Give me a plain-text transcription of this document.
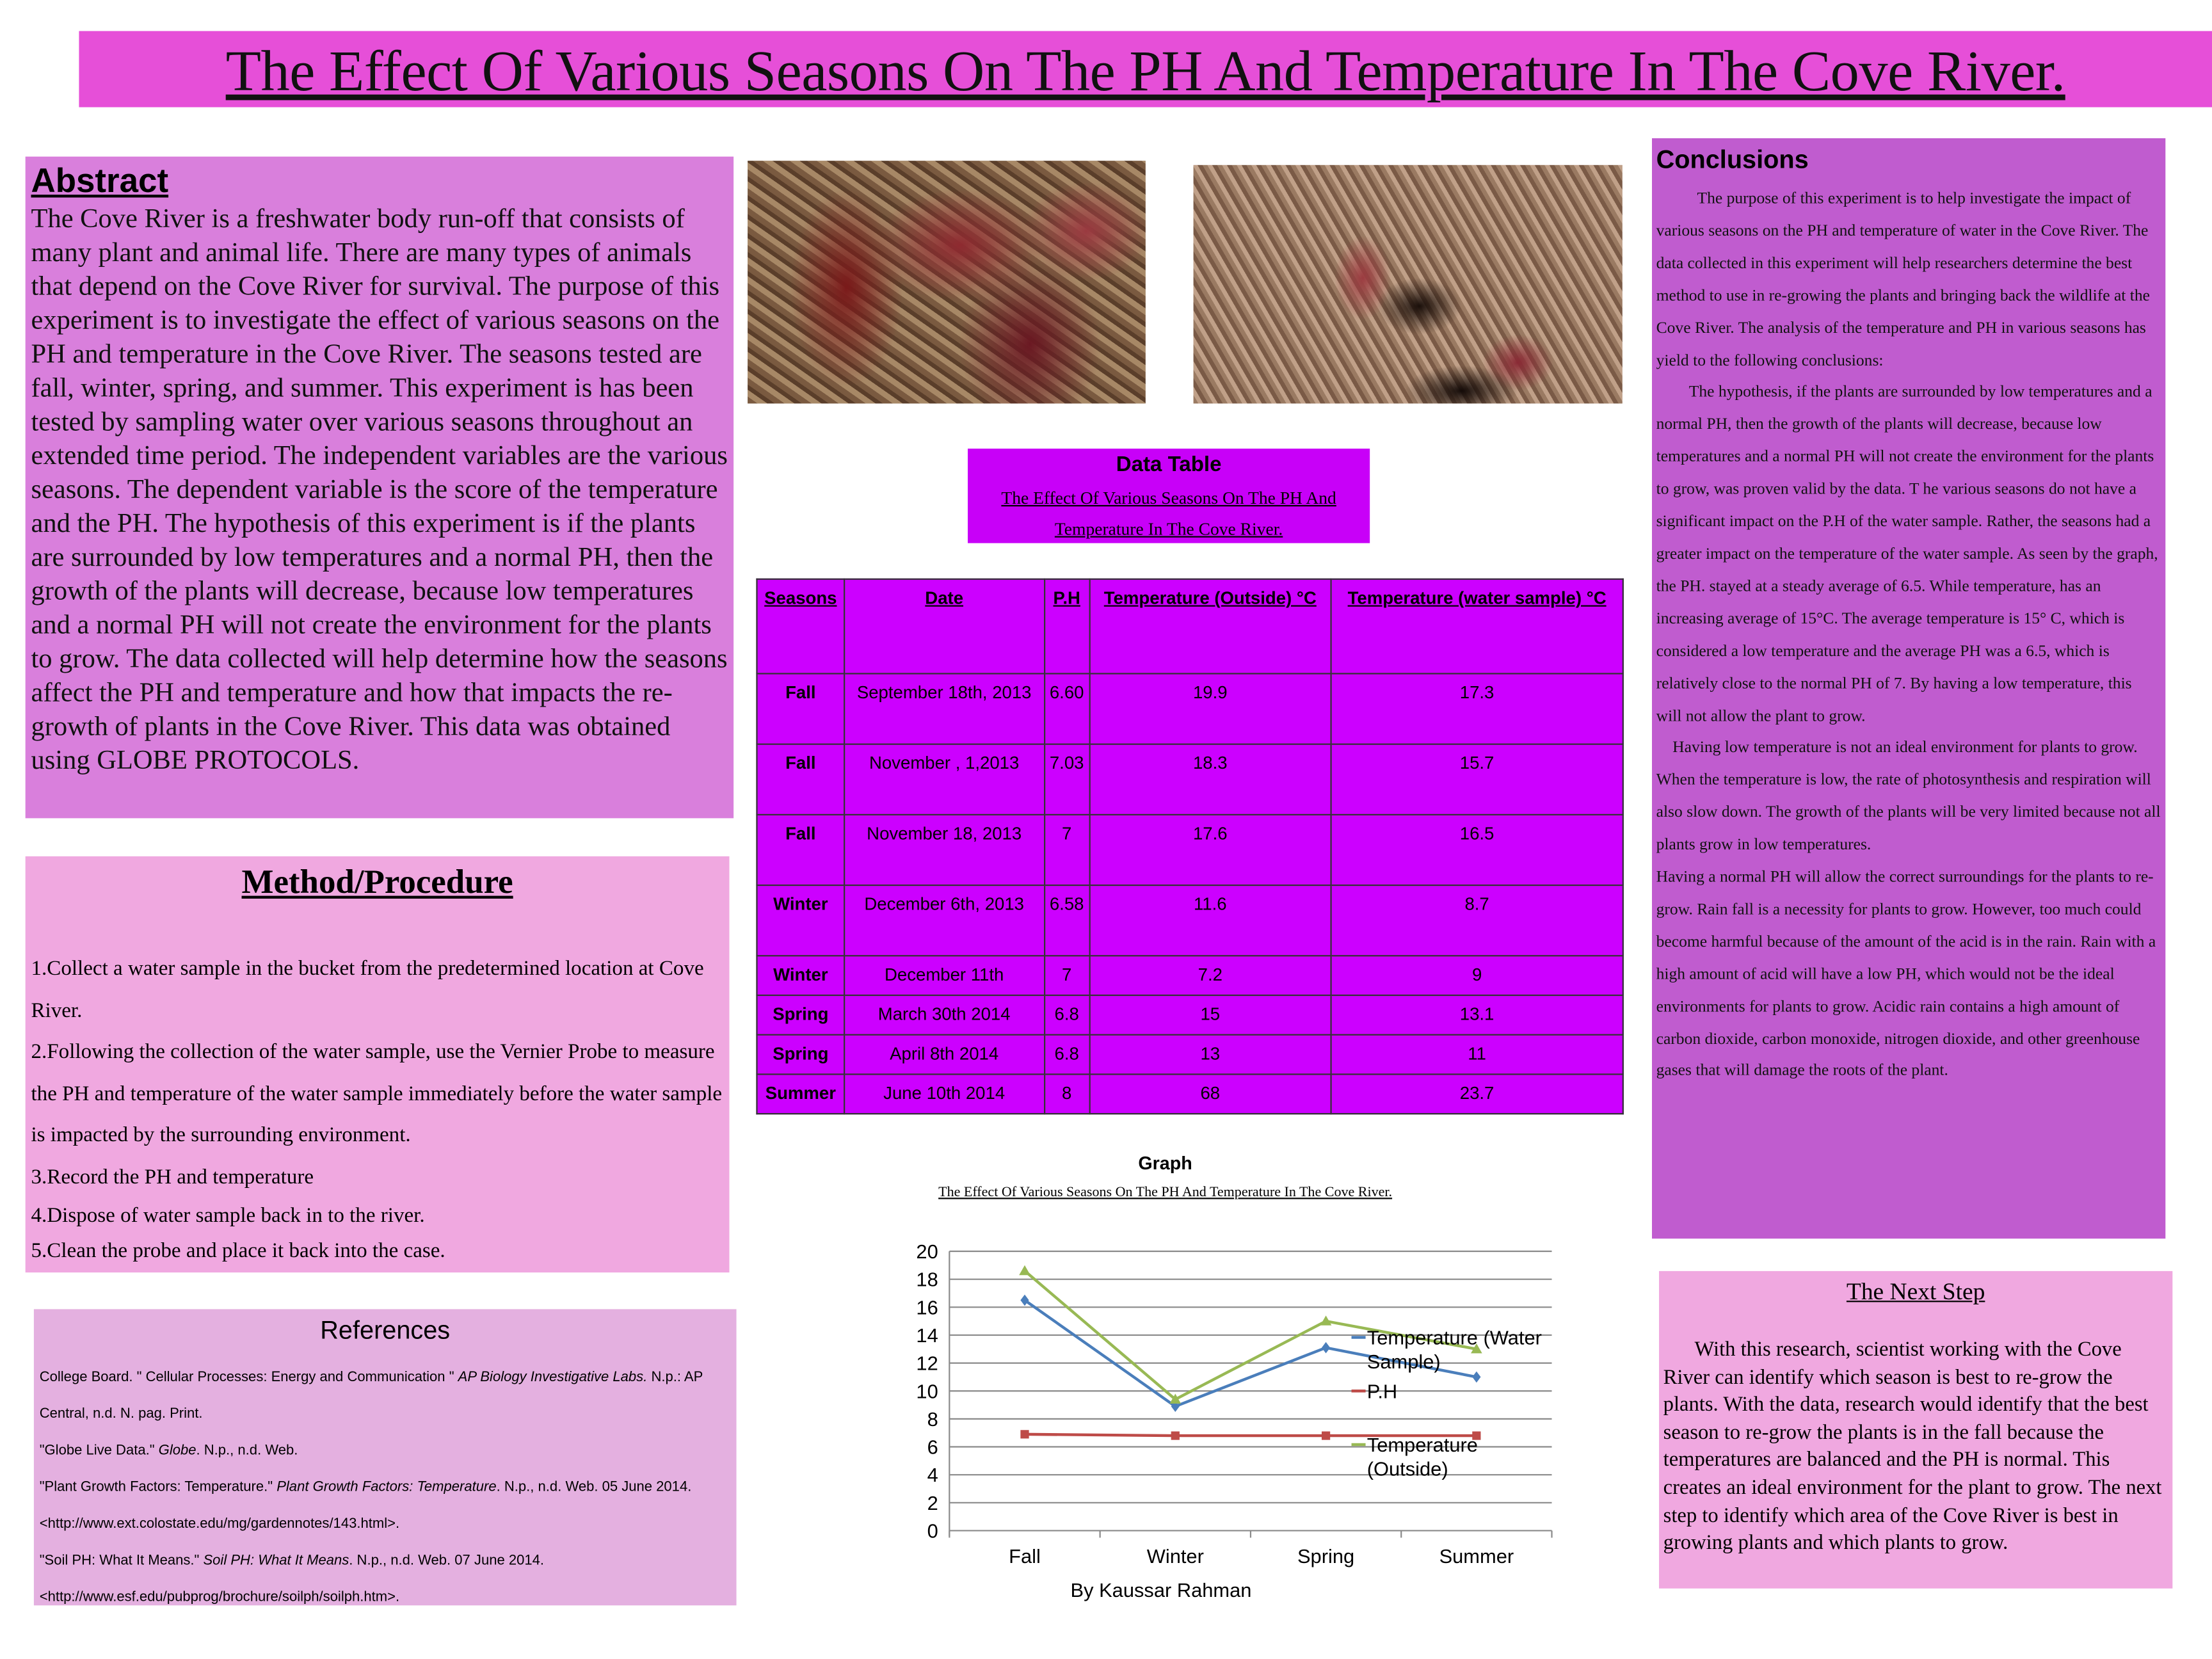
The Effect Of Various Seasons On The PH And Temperature In The Cove River.
Abstract

The Cove River is a freshwater body run-off that consists of many plant and animal life. There are many types of animals that depend on the Cove River for survival. The purpose of this experiment is to investigate the effect of various seasons on the PH and temperature in the Cove River. The seasons tested are fall, winter, spring, and summer. This experiment is has been tested by sampling water over various seasons throughout an extended time period. The independent variables are the various seasons. The dependent variable is the score of the temperature and the PH. The hypothesis of this experiment is if the plants are surrounded by low temperatures and a normal PH, then the growth of the plants will decrease, because low temperatures and a normal PH will not create the environment for the plants to grow. The data collected will help determine how the seasons affect the PH and temperature and how that impacts the re-growth of plants in the Cove River. This data was obtained using GLOBE PROTOCOLS.

Method/Procedure

1.Collect a water sample in the bucket from the predetermined location at Cove River.

2.Following the collection of the water sample, use the Vernier Probe to measure the PH and temperature of the water sample immediately before the water sample is impacted by the surrounding environment.

3.Record the PH and temperature

4.Dispose of water sample back in to the river.

5.Clean the probe and place it back into the case.

References

College Board. " Cellular Processes: Energy and Communication " AP Biology Investigative Labs. N.p.: AP Central, n.d. N. pag. Print.

"Globe Live Data." Globe. N.p., n.d. Web.

"Plant Growth Factors: Temperature." Plant Growth Factors: Temperature. N.p., n.d. Web. 05 June 2014. <http://www.ext.colostate.edu/mg/gardennotes/143.html>.

"Soil PH: What It Means." Soil PH: What It Means. N.p., n.d. Web. 07 June 2014. <http://www.esf.edu/pubprog/brochure/soilph/soilph.htm>.

Data Table
The Effect Of Various Seasons On The PH And Temperature In The Cove River.
Seasons	Date	P.H	Temperature (Outside) °C	Temperature (water sample) °C
Fall	September 18th, 2013	6.60	19.9	17.3
Fall	November , 1,2013	7.03	18.3	15.7
Fall	November 18, 2013	7	17.6	16.5
Winter	December 6th, 2013	6.58	11.6	8.7
Winter	December 11th	7	7.2	9
Spring	March 30th 2014	6.8	15	13.1
Spring	April 8th 2014	6.8	13	11
Summer	June 10th 2014	8	68	23.7
Graph
The Effect Of Various Seasons On The PH And Temperature In The Cove River.
0
2
4
6
8
10
12
14
16
18
20
Fall	Winter	Spring	Summer
By Kaussar Rahman
Temperature (Water Sample)
P.H
Temperature (Outside)
Conclusions

The purpose of this experiment is to help investigate the impact of various seasons on the PH and temperature of water in the Cove River. The data collected in this experiment will help researchers determine the best method to use in re-growing the plants and bringing back the wildlife at the Cove River. The analysis of the temperature and PH in various seasons has yield to the following conclusions:

The hypothesis, if the plants are surrounded by low temperatures and a normal PH, then the growth of the plants will decrease, because low temperatures and a normal PH will not create the environment for the plants to grow, was proven valid by the data. T he various seasons do not have a significant impact on the P.H of the water sample. Rather, the seasons had a greater impact on the temperature of the water sample. As seen by the graph, the PH. stayed at a steady average of 6.5. While temperature, has an increasing average of 15°C. The average temperature is 15° C, which is considered a low temperature and the average PH was a 6.5, which is relatively close to the normal PH of 7. By having a low temperature, this will not allow the plant to grow.

Having low temperature is not an ideal environment for plants to grow. When the temperature is low, the rate of photosynthesis and respiration will also slow down. The growth of the plants will be very limited because not all plants grow in low temperatures.

Having a normal PH will allow the correct surroundings for the plants to re-grow. Rain fall is a necessity for plants to grow. However, too much could become harmful because of the amount of the acid is in the rain. Rain with a high amount of acid will have a low PH, which would not be the ideal environments for plants to grow. Acidic rain contains a high amount of carbon dioxide, carbon monoxide, nitrogen dioxide, and other greenhouse gases that will damage the roots of the plant.

The Next Step

With this research, scientist working with the Cove River can identify which season is best to re-grow the plants. With the data, research would identify that the best season to re-grow the plants is in the fall because the temperatures are balanced and the PH is normal. This creates an ideal environment for the plant to grow. The next step to identify which area of the Cove River is best in growing plants and which plants to grow.
